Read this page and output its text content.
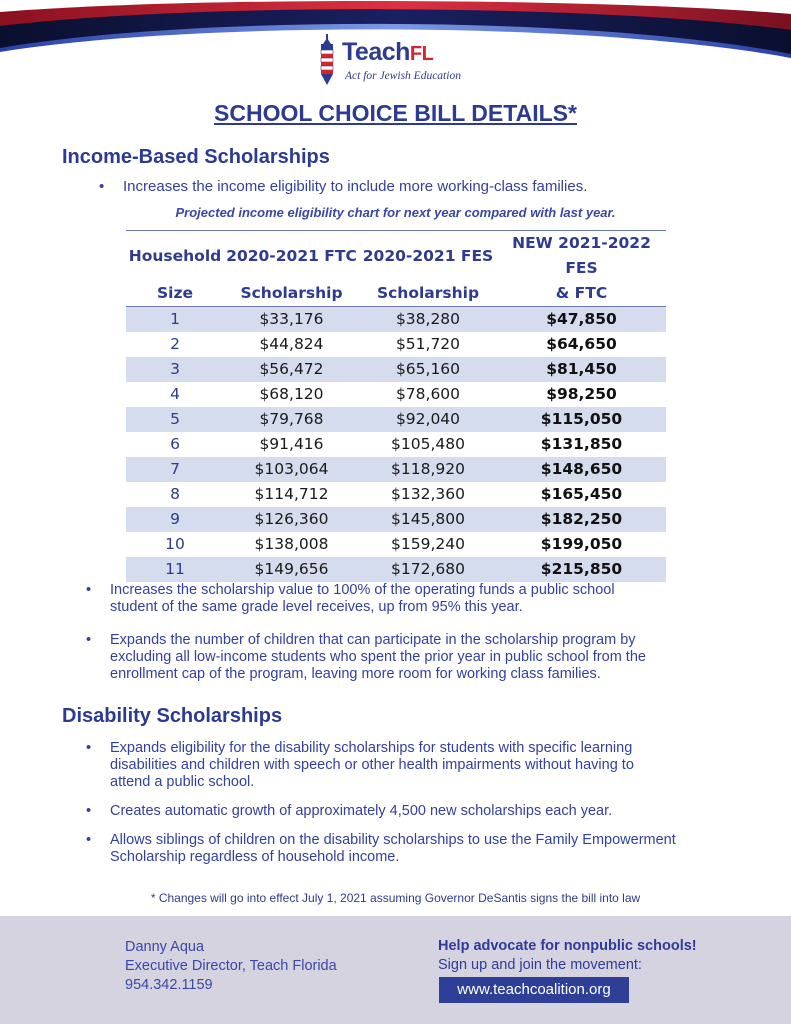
TeachFL
Act for Jewish Education
SCHOOL CHOICE BILL DETAILS*
Income-Based Scholarships
• Increases the income eligibility to include more working-class families.
Projected income eligibility chart for next year compared with last year.
Household	2020-2021 FTC	2020-2021 FES	NEW 2021-2022 FES
Size	Scholarship	Scholarship	& FTC
1	$33,176	$38,280	$47,850
2	$44,824	$51,720	$64,650
3	$56,472	$65,160	$81,450
4	$68,120	$78,600	$98,250
5	$79,768	$92,040	$115,050
6	$91,416	$105,480	$131,850
7	$103,064	$118,920	$148,650
8	$114,712	$132,360	$165,450
9	$126,360	$145,800	$182,250
10	$138,008	$159,240	$199,050
11	$149,656	$172,680	$215,850
• Increases the scholarship value to 100% of the operating funds a public school
student of the same grade level receives, up from 95% this year.
• Expands the number of children that can participate in the scholarship program by
excluding all low-income students who spent the prior year in public school from the
enrollment cap of the program, leaving more room for working class families.
Disability Scholarships
• Expands eligibility for the disability scholarships for students with specific learning
disabilities and children with speech or other health impairments without having to
attend a public school.
• Creates automatic growth of approximately 4,500 new scholarships each year.
• Allows siblings of children on the disability scholarships to use the Family Empowerment
Scholarship regardless of household income.
* Changes will go into effect July 1, 2021 assuming Governor DeSantis signs the bill into law
Danny Aqua
Executive Director, Teach Florida
954.342.1159
Help advocate for nonpublic schools!
Sign up and join the movement:
www.teachcoalition.org
